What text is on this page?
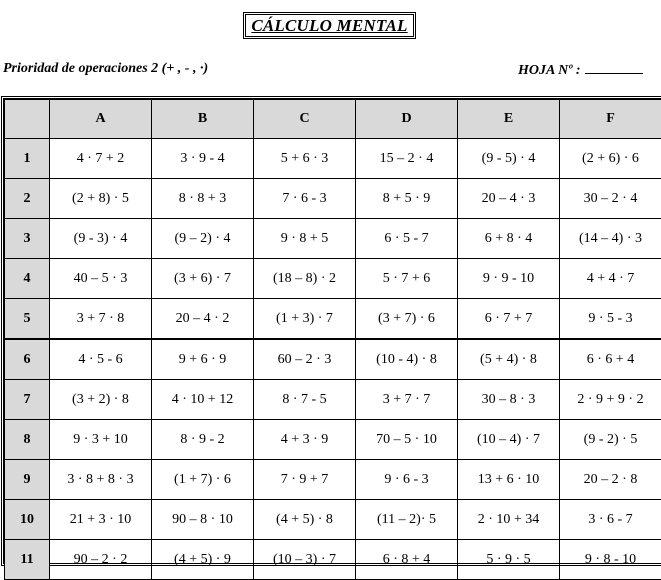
CÁLCULO MENTAL
Prioridad de operaciones 2 (+ , - , ·)	HOJA Nº :
	A	B	C	D	E	F
1	4 · 7 + 2	3 · 9 - 4	5 + 6 · 3	15 – 2 · 4	(9 - 5) · 4	(2 + 6) · 6
2	(2 + 8) · 5	8 · 8 + 3	7 · 6 - 3	8 + 5 · 9	20 – 4 · 3	30 – 2 · 4
3	(9 - 3) · 4	(9 – 2) · 4	9 · 8 + 5	6 · 5 - 7	6 + 8 · 4	(14 – 4) · 3
4	40 – 5 · 3	(3 + 6) · 7	(18 – 8) · 2	5 · 7 + 6	9 · 9 - 10	4 + 4 · 7
5	3 + 7 · 8	20 – 4 · 2	(1 + 3) · 7	(3 + 7) · 6	6 · 7 + 7	9 · 5 - 3
6	4 · 5 - 6	9 + 6 · 9	60 – 2 · 3	(10 - 4) · 8	(5 + 4) · 8	6 · 6 + 4
7	(3 + 2) · 8	4 · 10 + 12	8 · 7 - 5	3 + 7 · 7	30 – 8 · 3	2 · 9 + 9 · 2
8	9 · 3 + 10	8 · 9 - 2	4 + 3 · 9	70 – 5 · 10	(10 – 4) · 7	(9 - 2) · 5
9	3 · 8 + 8 · 3	(1 + 7) · 6	7 · 9 + 7	9 · 6 - 3	13 + 6 · 10	20 – 2 · 8
10	21 + 3 · 10	90 – 8 · 10	(4 + 5) · 8	(11 – 2)· 5	2 · 10 + 34	3 · 6 - 7
11	90 – 2 · 2	(4 + 5) · 9	(10 – 3) · 7	6 · 8 + 4	5 · 9 · 5	9 · 8 - 10
